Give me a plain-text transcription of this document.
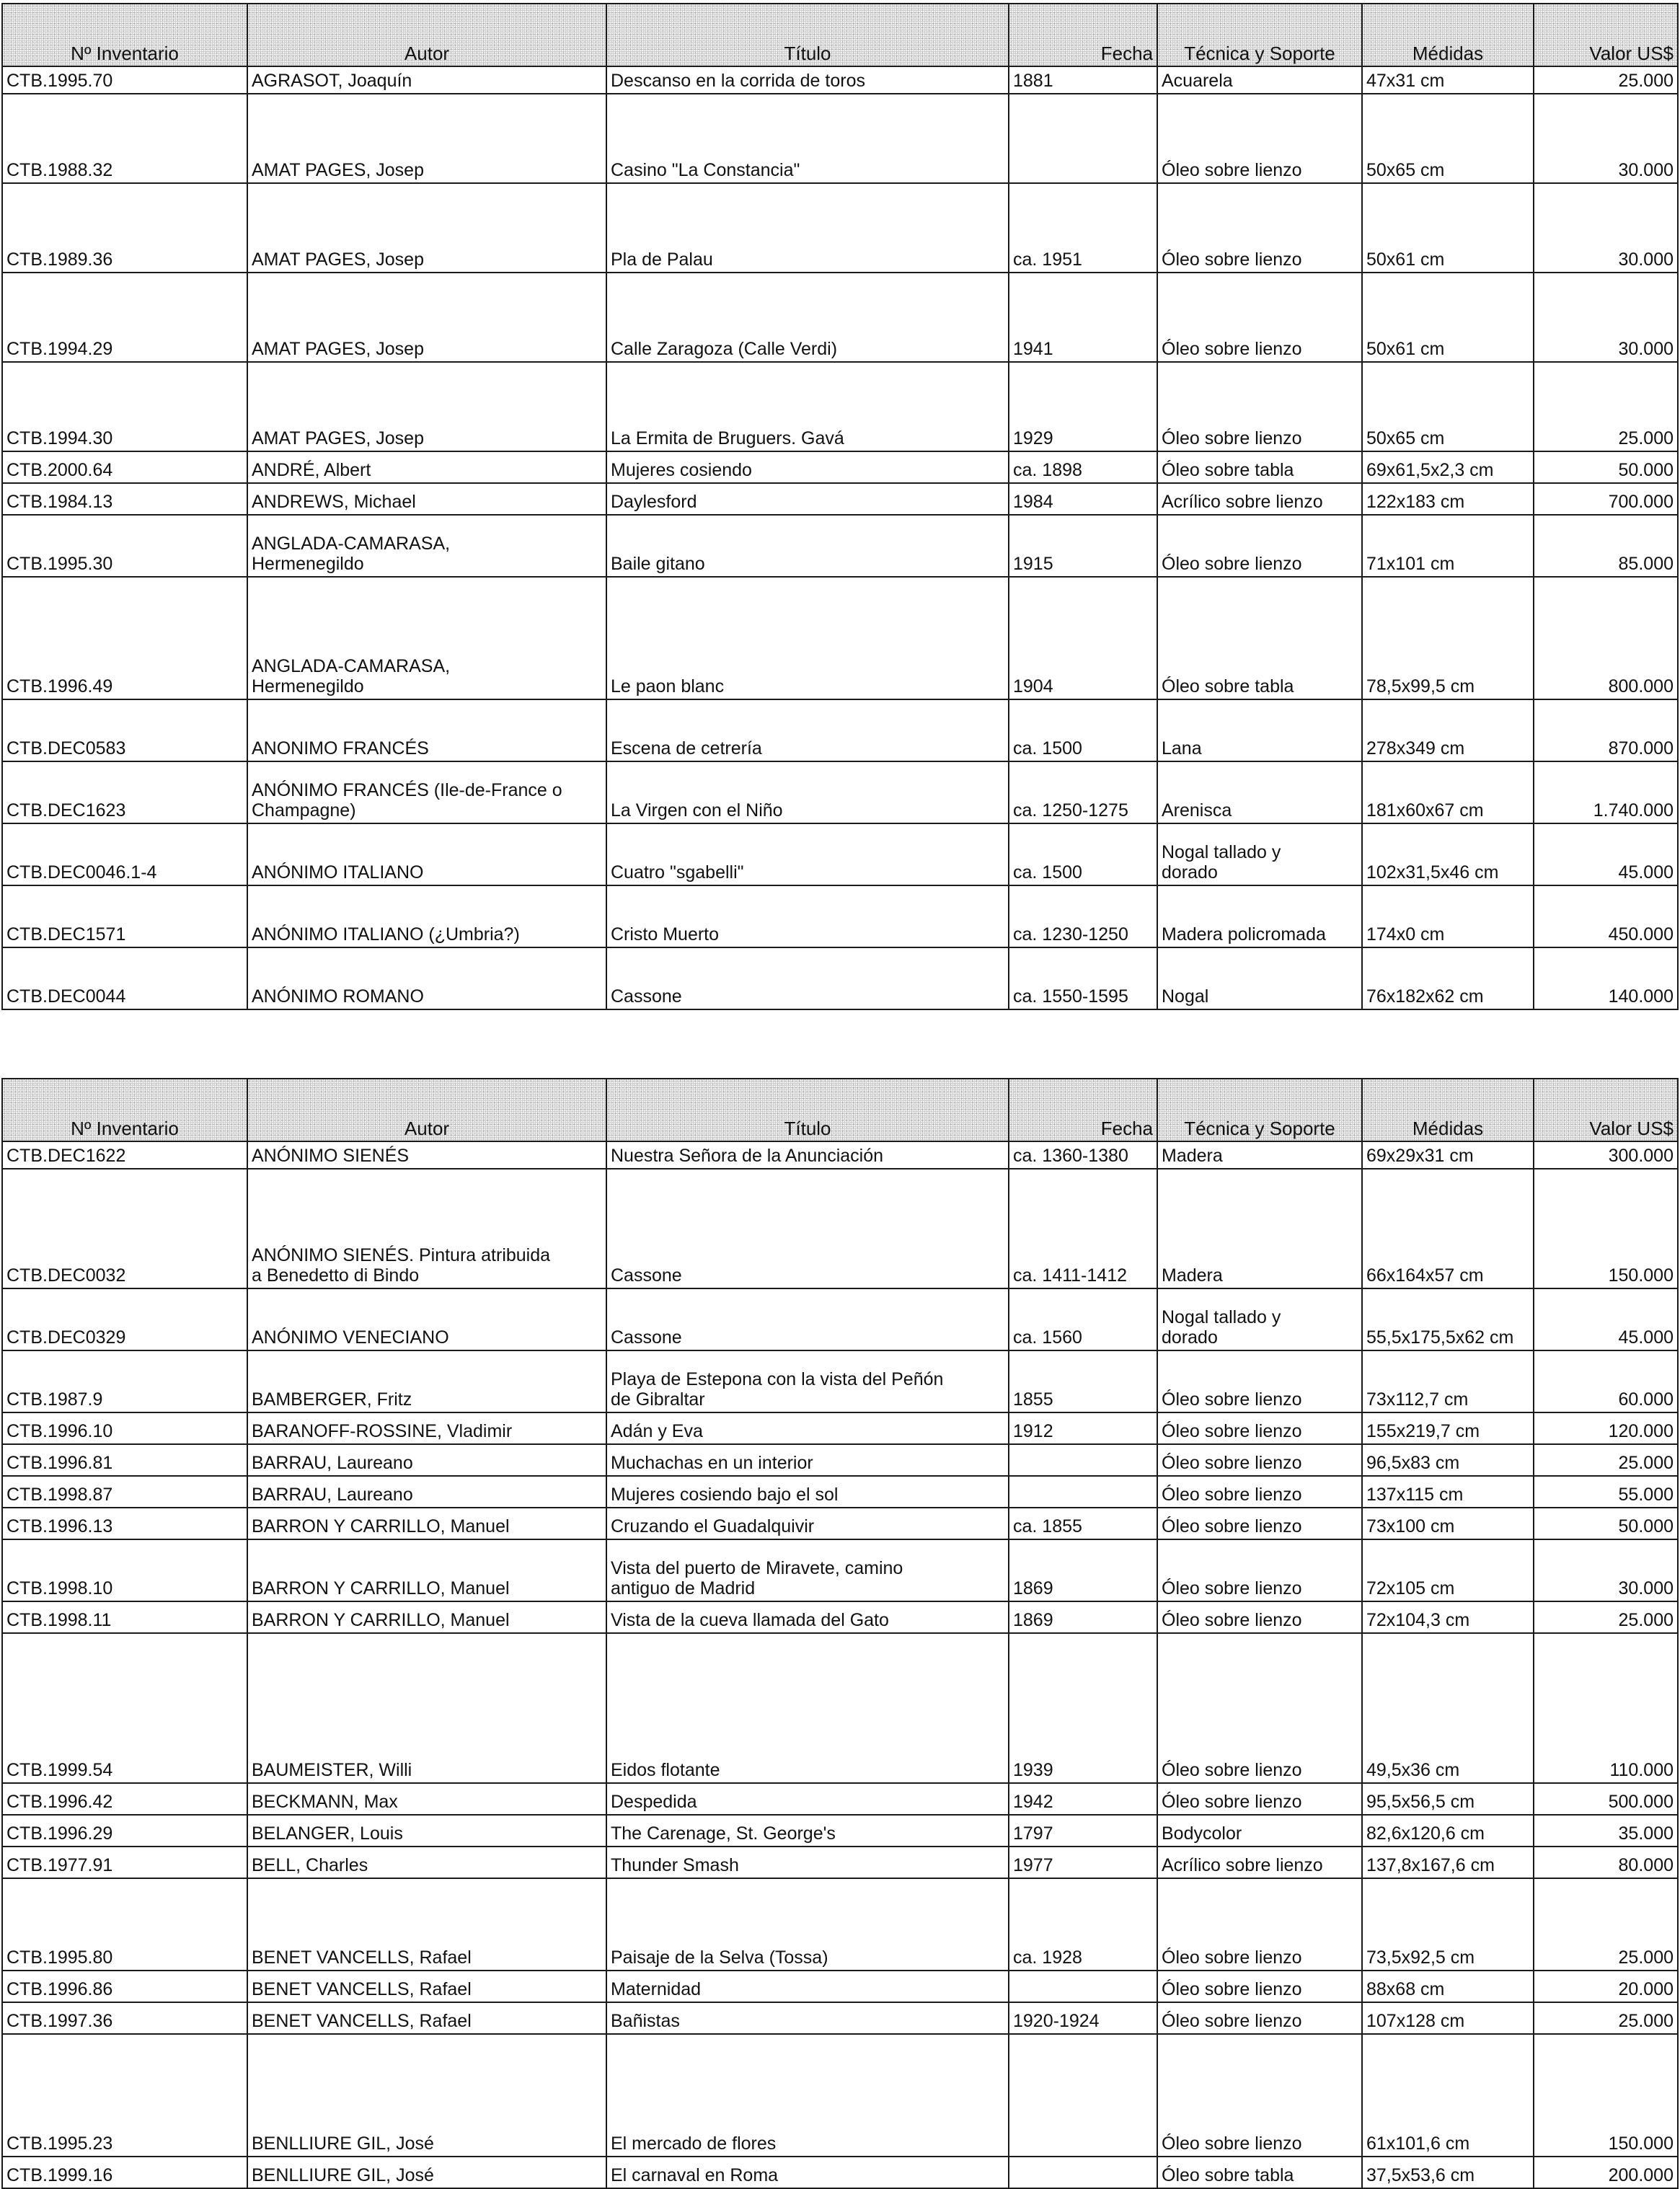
Nº Inventario	Autor	Título	Fecha	Técnica y Soporte	Médidas	Valor US$
CTB.1995.70	AGRASOT, Joaquín	Descanso en la corrida de toros	1881	Acuarela	47x31 cm	25.000
CTB.1988.32	AMAT PAGES, Josep	Casino "La Constancia"		Óleo sobre lienzo	50x65 cm	30.000
CTB.1989.36	AMAT PAGES, Josep	Pla de Palau	ca. 1951	Óleo sobre lienzo	50x61 cm	30.000
CTB.1994.29	AMAT PAGES, Josep	Calle Zaragoza (Calle Verdi)	1941	Óleo sobre lienzo	50x61 cm	30.000
CTB.1994.30	AMAT PAGES, Josep	La Ermita de Bruguers. Gavá	1929	Óleo sobre lienzo	50x65 cm	25.000
CTB.2000.64	ANDRÉ, Albert	Mujeres cosiendo	ca. 1898	Óleo sobre tabla	69x61,5x2,3 cm	50.000
CTB.1984.13	ANDREWS, Michael	Daylesford	1984	Acrílico sobre lienzo	122x183 cm	700.000
CTB.1995.30	ANGLADA-CAMARASA,
Hermenegildo	Baile gitano	1915	Óleo sobre lienzo	71x101 cm	85.000
CTB.1996.49	ANGLADA-CAMARASA,
Hermenegildo	Le paon blanc	1904	Óleo sobre tabla	78,5x99,5 cm	800.000
CTB.DEC0583	ANONIMO FRANCÉS	Escena de cetrería	ca. 1500	Lana	278x349 cm	870.000
CTB.DEC1623	ANÓNIMO FRANCÉS (Ile-de-France o
Champagne)	La Virgen con el Niño	ca. 1250-1275	Arenisca	181x60x67 cm	1.740.000
CTB.DEC0046.1-4	ANÓNIMO ITALIANO	Cuatro "sgabelli"	ca. 1500	Nogal tallado y
dorado	102x31,5x46 cm	45.000
CTB.DEC1571	ANÓNIMO ITALIANO (¿Umbria?)	Cristo Muerto	ca. 1230-1250	Madera policromada	174x0 cm	450.000
CTB.DEC0044	ANÓNIMO ROMANO	Cassone	ca. 1550-1595	Nogal	76x182x62 cm	140.000
Nº Inventario	Autor	Título	Fecha	Técnica y Soporte	Médidas	Valor US$
CTB.DEC1622	ANÓNIMO SIENÉS	Nuestra Señora de la Anunciación	ca. 1360-1380	Madera	69x29x31 cm	300.000
CTB.DEC0032	ANÓNIMO SIENÉS. Pintura atribuida
a Benedetto di Bindo	Cassone	ca. 1411-1412	Madera	66x164x57 cm	150.000
CTB.DEC0329	ANÓNIMO VENECIANO	Cassone	ca. 1560	Nogal tallado y
dorado	55,5x175,5x62 cm	45.000
CTB.1987.9	BAMBERGER, Fritz	Playa de Estepona con la vista del Peñón
de Gibraltar	1855	Óleo sobre lienzo	73x112,7 cm	60.000
CTB.1996.10	BARANOFF-ROSSINE, Vladimir	Adán y Eva	1912	Óleo sobre lienzo	155x219,7 cm	120.000
CTB.1996.81	BARRAU, Laureano	Muchachas en un interior		Óleo sobre lienzo	96,5x83 cm	25.000
CTB.1998.87	BARRAU, Laureano	Mujeres cosiendo bajo el sol		Óleo sobre lienzo	137x115 cm	55.000
CTB.1996.13	BARRON Y CARRILLO, Manuel	Cruzando el Guadalquivir	ca. 1855	Óleo sobre lienzo	73x100 cm	50.000
CTB.1998.10	BARRON Y CARRILLO, Manuel	Vista del puerto de Miravete, camino
antiguo de Madrid	1869	Óleo sobre lienzo	72x105 cm	30.000
CTB.1998.11	BARRON Y CARRILLO, Manuel	Vista de la cueva llamada del Gato	1869	Óleo sobre lienzo	72x104,3 cm	25.000
CTB.1999.54	BAUMEISTER, Willi	Eidos flotante	1939	Óleo sobre lienzo	49,5x36 cm	110.000
CTB.1996.42	BECKMANN, Max	Despedida	1942	Óleo sobre lienzo	95,5x56,5 cm	500.000
CTB.1996.29	BELANGER, Louis	The Carenage, St. George's	1797	Bodycolor	82,6x120,6 cm	35.000
CTB.1977.91	BELL, Charles	Thunder Smash	1977	Acrílico sobre lienzo	137,8x167,6 cm	80.000
CTB.1995.80	BENET VANCELLS, Rafael	Paisaje de la Selva (Tossa)	ca. 1928	Óleo sobre lienzo	73,5x92,5 cm	25.000
CTB.1996.86	BENET VANCELLS, Rafael	Maternidad		Óleo sobre lienzo	88x68 cm	20.000
CTB.1997.36	BENET VANCELLS, Rafael	Bañistas	1920-1924	Óleo sobre lienzo	107x128 cm	25.000
CTB.1995.23	BENLLIURE GIL, José	El mercado de flores		Óleo sobre lienzo	61x101,6 cm	150.000
CTB.1999.16	BENLLIURE GIL, José	El carnaval en Roma		Óleo sobre tabla	37,5x53,6 cm	200.000
